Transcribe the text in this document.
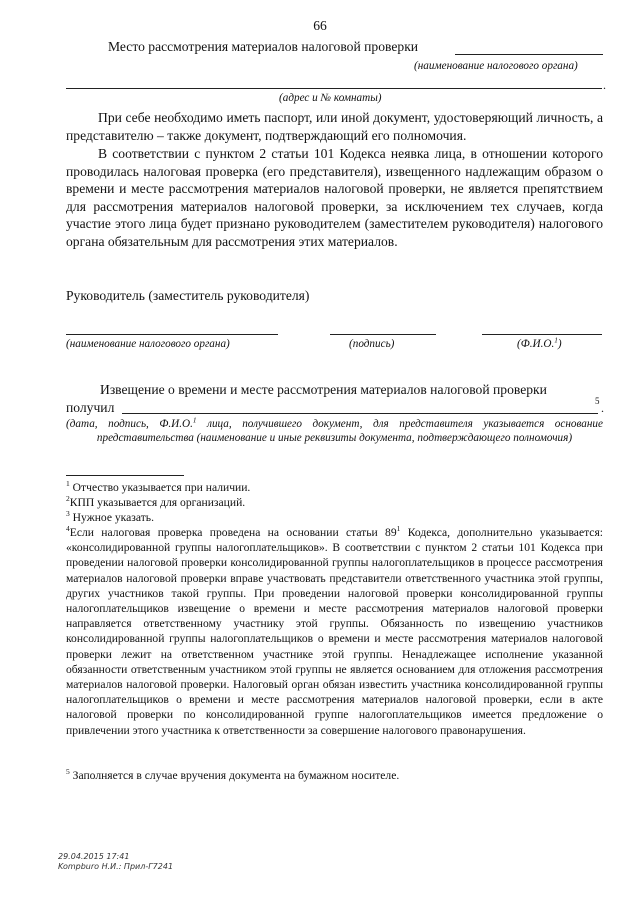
66
Место рассмотрения материалов налоговой проверки
(наименование налогового органа)
.
(адрес и № комнаты)
При себе необходимо иметь паспорт, или иной документ, удостоверяющий личность, а представителю – также документ, подтверждающий его полномочия.
В соответствии с пунктом 2 статьи 101 Кодекса неявка лица, в отношении которого проводилась налоговая проверка (его представителя), извещенного надлежащим образом о времени и месте рассмотрения материалов налоговой проверки, не является препятствием для рассмотрения материалов налоговой проверки, за исключением тех случаев, когда участие этого лица будет признано руководителем (заместителем руководителя) налогового органа обязательным для рассмотрения этих материалов.
Руководитель (заместитель руководителя)
(наименование налогового органа)	(подпись)	(Ф.И.О.$^1$)
Извещение о времени и месте рассмотрения материалов налоговой проверки
получил	5 .
(дата, подпись, Ф.И.О.$^1$ лица, получившего документ, для представителя указывается основание представительства (наименование и иные реквизиты документа, подтверждающего полномочия)
$^1$ Отчество указывается при наличии.
$^2$КПП указывается для организаций.
$^3$ Нужное указать.
$^4$Если налоговая проверка проведена на основании статьи $89^1$ Кодекса, дополнительно указывается: «консолидированной группы налогоплательщиков». В соответствии с пунктом 2 статьи 101 Кодекса при проведении налоговой проверки консолидированной группы налогоплательщиков в процессе рассмотрения материалов налоговой проверки вправе участвовать представители ответственного участника этой группы, других участников такой группы. При проведении налоговой проверки консолидированной группы налогоплательщиков извещение о времени и месте рассмотрения материалов налоговой проверки направляется ответственному участнику этой группы. Обязанность по извещению участников консолидированной группы налогоплательщиков о времени и месте рассмотрения материалов налоговой проверки лежит на ответственном участнике этой группы. Ненадлежащее исполнение указанной обязанности ответственным участником этой группы не является основанием для отложения рассмотрения материалов налоговой проверки. Налоговый орган обязан известить участника консолидированной группы налогоплательщиков о времени и месте рассмотрения материалов налоговой проверки, если в акте налоговой проверки по консолидированной группе налогоплательщиков имеется предложение о привлечении этого участника к ответственности за совершение налогового правонарушения.
$^5$ Заполняется в случае вручения документа на бумажном носителе.
29.04.2015 17:41
Kompburo Н.И.: Прил-Г7241
